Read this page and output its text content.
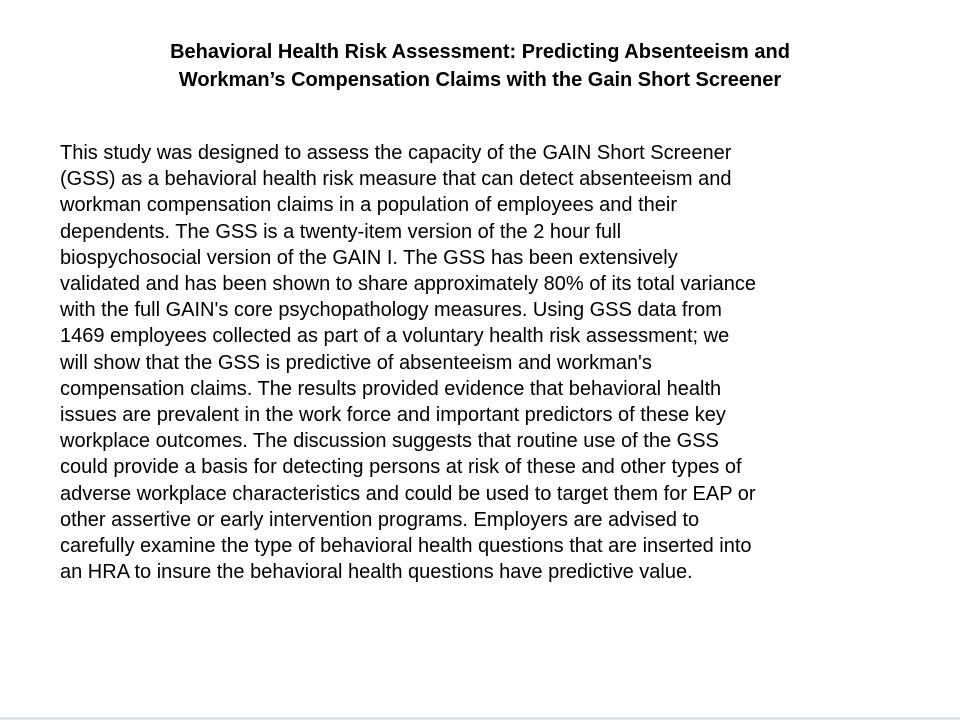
Behavioral Health Risk Assessment: Predicting Absenteeism and
Workman’s Compensation Claims with the Gain Short Screener
This study was designed to assess the capacity of the GAIN Short Screener
(GSS) as a behavioral health risk measure that can detect absenteeism and
workman compensation claims in a population of employees and their
dependents. The GSS is a twenty-item version of the 2 hour full
biospychosocial version of the GAIN I. The GSS has been extensively
validated and has been shown to share approximately 80% of its total variance
with the full GAIN's core psychopathology measures. Using GSS data from
1469 employees collected as part of a voluntary health risk assessment; we
will show that the GSS is predictive of absenteeism and workman's
compensation claims. The results provided evidence that behavioral health
issues are prevalent in the work force and important predictors of these key
workplace outcomes. The discussion suggests that routine use of the GSS
could provide a basis for detecting persons at risk of these and other types of
adverse workplace characteristics and could be used to target them for EAP or
other assertive or early intervention programs. Employers are advised to
carefully examine the type of behavioral health questions that are inserted into
an HRA to insure the behavioral health questions have predictive value.
